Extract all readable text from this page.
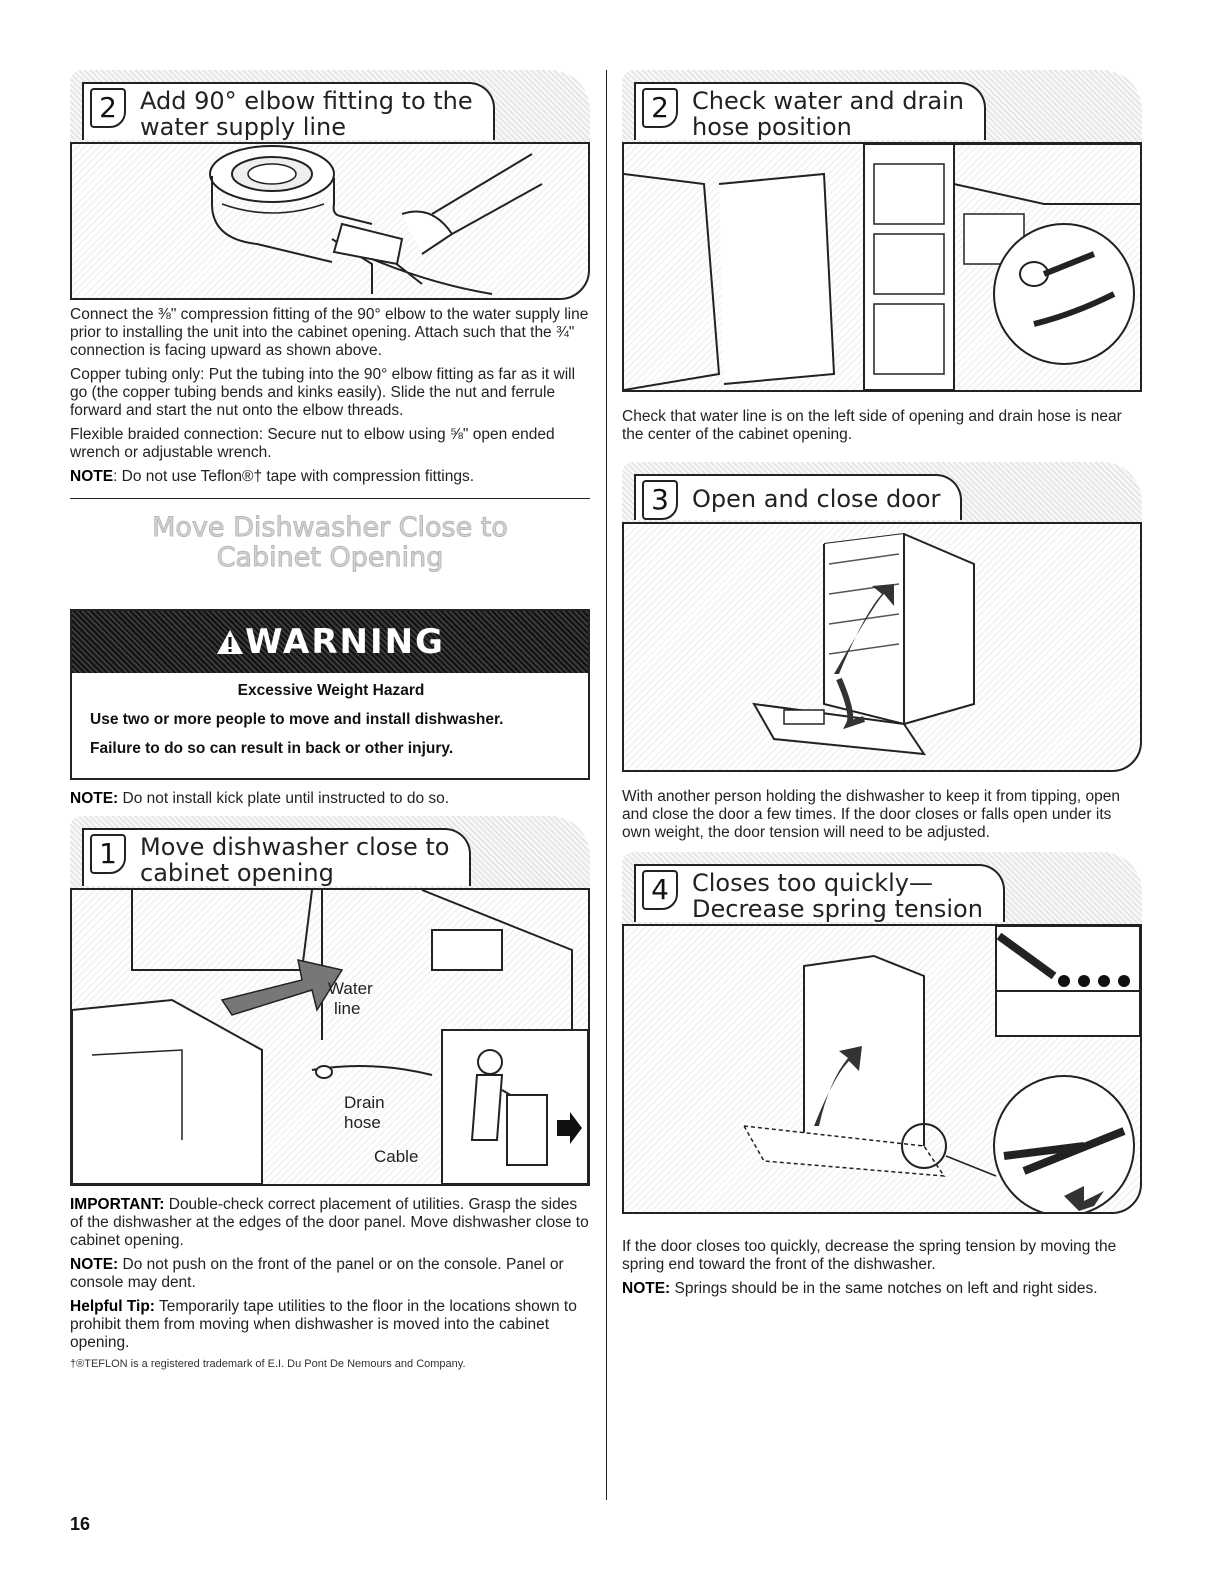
2 Add 90° elbow fitting to the
water supply line

Connect the ⅜" compression fitting of the 90° elbow to the water supply line prior to installing the unit into the cabinet opening. Attach such that the ¾" connection is facing upward as shown above.

Copper tubing only: Put the tubing into the 90° elbow fitting as far as it will go (the copper tubing bends and kinks easily). Slide the nut and ferrule forward and start the nut onto the elbow threads.

Flexible braided connection: Secure nut to elbow using ⅝" open ended wrench or adjustable wrench.

NOTE: Do not use Teflon®† tape with compression fittings.

Move Dishwasher Close to
Cabinet Opening
WARNING
Excessive Weight Hazard

Use two or more people to move and install dishwasher.

Failure to do so can result in back or other injury.

NOTE: Do not install kick plate until instructed to do so.

1 Move dishwasher close to
cabinet opening
Water
line
Drain
hose
Cable

IMPORTANT: Double-check correct placement of utilities. Grasp the sides of the dishwasher at the edges of the door panel. Move dishwasher close to cabinet opening.

NOTE: Do not push on the front of the panel or on the console. Panel or console may dent.

Helpful Tip: Temporarily tape utilities to the floor in the locations shown to prohibit them from moving when dishwasher is moved into the cabinet opening.

†®TEFLON is a registered trademark of E.I. Du Pont De Nemours and Company.

2 Check water and drain
hose position

Check that water line is on the left side of opening and drain hose is near the center of the cabinet opening.

3 Open and close door

With another person holding the dishwasher to keep it from tipping, open and close the door a few times. If the door closes or falls open under its own weight, the door tension will need to be adjusted.

4 Closes too quickly—
Decrease spring tension

If the door closes too quickly, decrease the spring tension by moving the spring end toward the front of the dishwasher.

NOTE: Springs should be in the same notches on left and right sides.

16
